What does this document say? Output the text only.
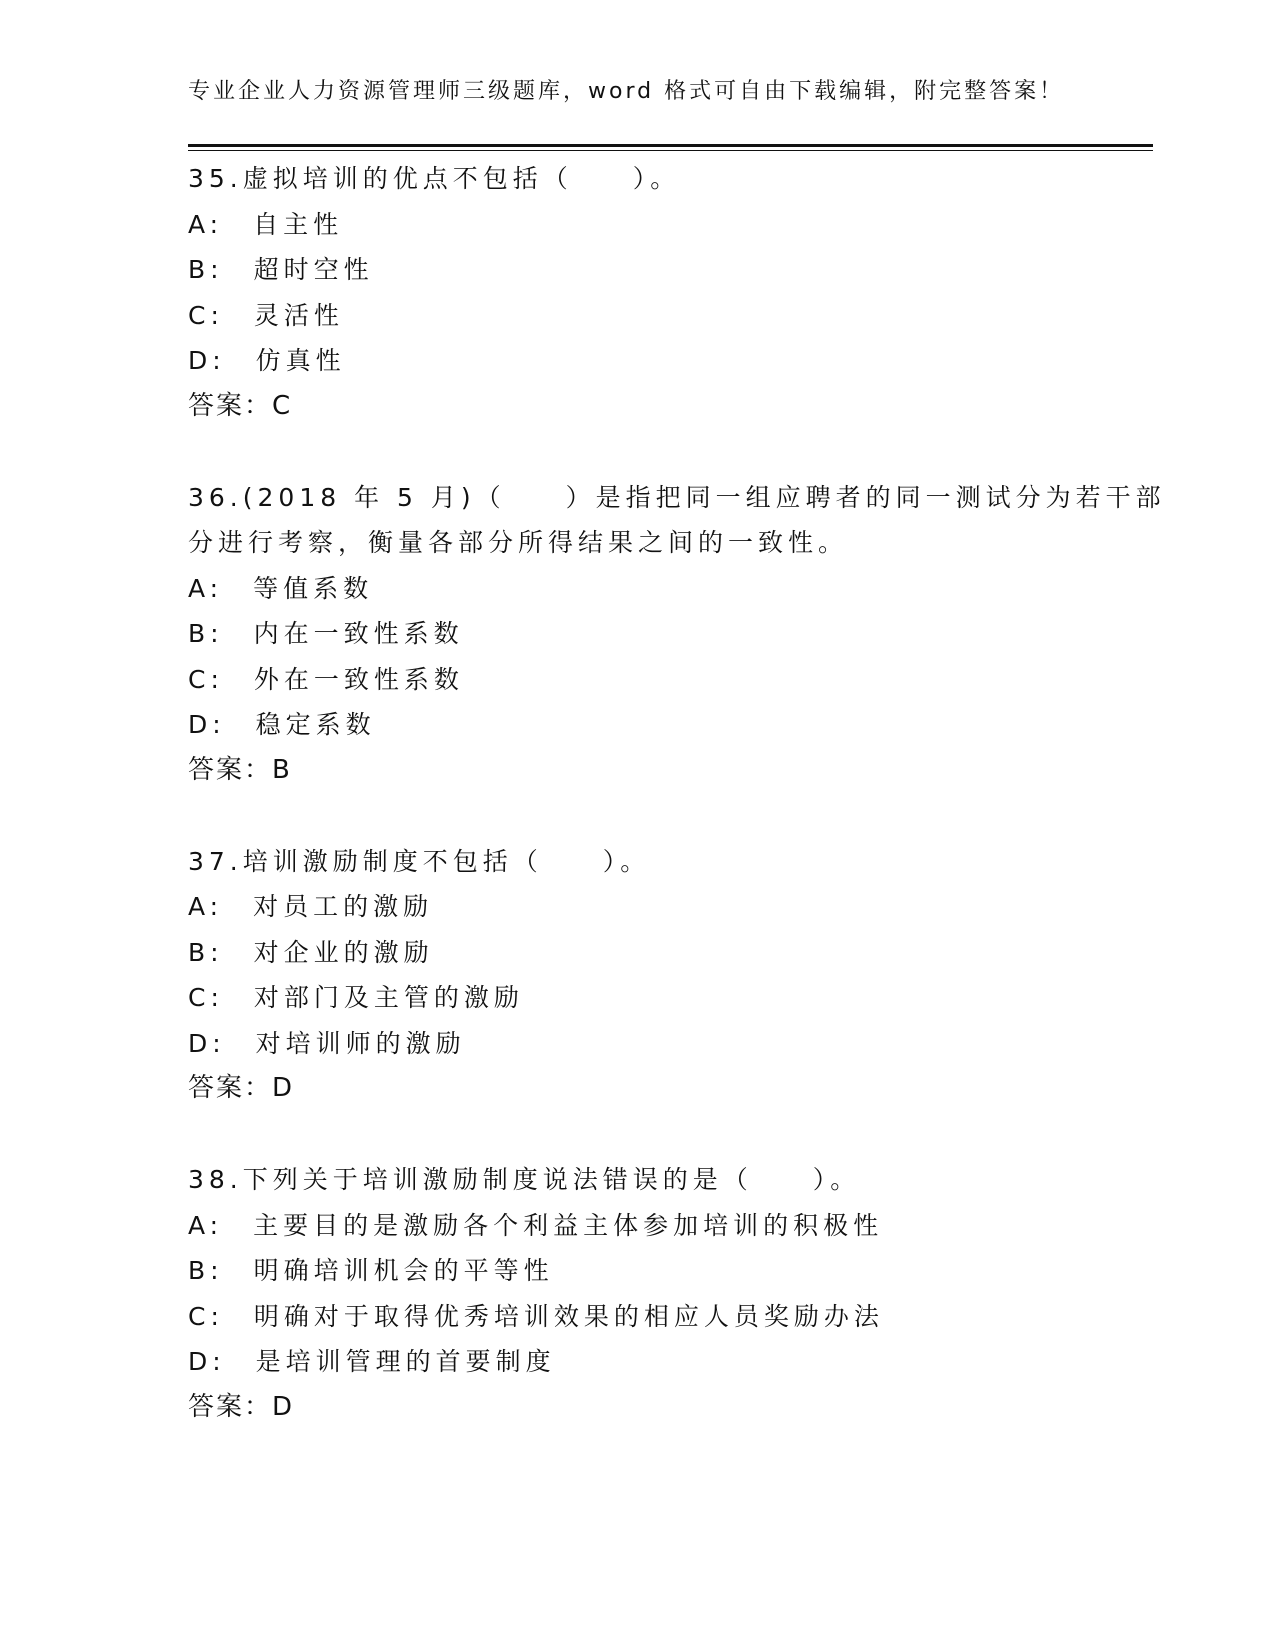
专业企业人力资源管理师三级题库，word 格式可自由下载编辑，附完整答案！
35.虚拟培训的优点不包括（　　）。
A:　自主性
B:　超时空性
C:　灵活性
D:　仿真性
答案：C
36.(2018 年 5 月)（　　）是指把同一组应聘者的同一测试分为若干部
分进行考察，衡量各部分所得结果之间的一致性。
A:　等值系数
B:　内在一致性系数
C:　外在一致性系数
D:　稳定系数
答案：B
37.培训激励制度不包括（　　）。
A:　对员工的激励
B:　对企业的激励
C:　对部门及主管的激励
D:　对培训师的激励
答案：D
38.下列关于培训激励制度说法错误的是（　　）。
A:　主要目的是激励各个利益主体参加培训的积极性
B:　明确培训机会的平等性
C:　明确对于取得优秀培训效果的相应人员奖励办法
D:　是培训管理的首要制度
答案：D
